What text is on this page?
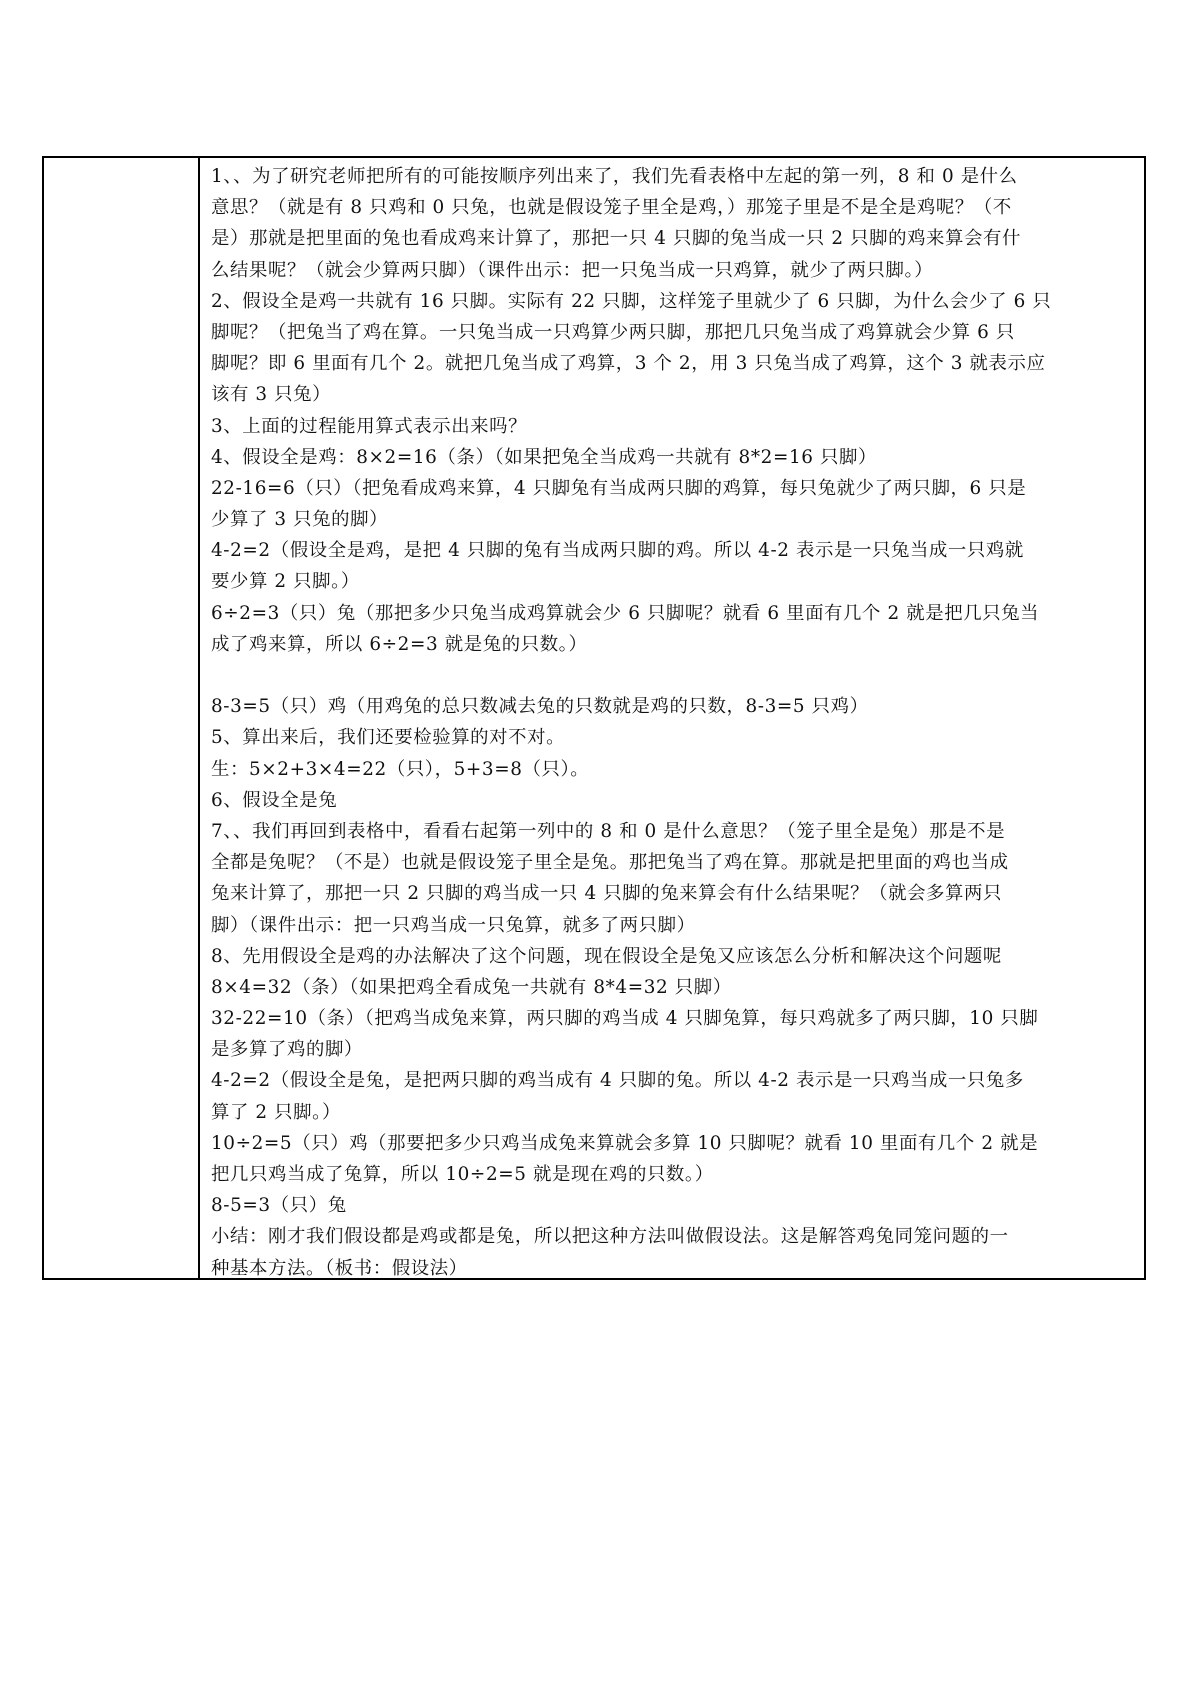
1、、为了研究老师把所有的可能按顺序列出来了，我们先看表格中左起的第一列，8 和 0 是什么
意思？（就是有 8 只鸡和 0 只兔，也就是假设笼子里全是鸡，）那笼子里是不是全是鸡呢？（不
是）那就是把里面的兔也看成鸡来计算了，那把一只 4 只脚的兔当成一只 2 只脚的鸡来算会有什
么结果呢？（就会少算两只脚）（课件出示：把一只兔当成一只鸡算，就少了两只脚。）
2、假设全是鸡一共就有 16 只脚。实际有 22 只脚，这样笼子里就少了 6 只脚，为什么会少了 6 只
脚呢？（把兔当了鸡在算。一只兔当成一只鸡算少两只脚，那把几只兔当成了鸡算就会少算 6 只
脚呢？即 6 里面有几个 2。就把几兔当成了鸡算，3 个 2，用 3 只兔当成了鸡算，这个 3 就表示应
该有 3 只兔）
3、上面的过程能用算式表示出来吗？
4、假设全是鸡：8×2=16（条）（如果把兔全当成鸡一共就有 8*2=16 只脚）
22-16=6（只）（把兔看成鸡来算，4 只脚兔有当成两只脚的鸡算，每只兔就少了两只脚，6 只是
少算了 3 只兔的脚）
4-2=2（假设全是鸡，是把 4 只脚的兔有当成两只脚的鸡。所以 4-2 表示是一只兔当成一只鸡就
要少算 2 只脚。）
6÷2=3（只）兔（那把多少只兔当成鸡算就会少 6 只脚呢？就看 6 里面有几个 2 就是把几只兔当
成了鸡来算，所以 6÷2=3 就是兔的只数。）
8-3=5（只）鸡（用鸡兔的总只数减去兔的只数就是鸡的只数，8-3=5 只鸡）
5、算出来后，我们还要检验算的对不对。
生：5×2+3×4=22（只），5+3=8（只）。
6、假设全是兔
7、、我们再回到表格中，看看右起第一列中的 8 和 0 是什么意思？（笼子里全是兔）那是不是
全都是兔呢？（不是）也就是假设笼子里全是兔。那把兔当了鸡在算。那就是把里面的鸡也当成
兔来计算了，那把一只 2 只脚的鸡当成一只 4 只脚的兔来算会有什么结果呢？（就会多算两只
脚）（课件出示：把一只鸡当成一只兔算，就多了两只脚）
8、先用假设全是鸡的办法解决了这个问题，现在假设全是兔又应该怎么分析和解决这个问题呢
8×4=32（条）（如果把鸡全看成兔一共就有 8*4=32 只脚）
32-22=10（条）（把鸡当成兔来算，两只脚的鸡当成 4 只脚兔算，每只鸡就多了两只脚，10 只脚
是多算了鸡的脚）
4-2=2（假设全是兔，是把两只脚的鸡当成有 4 只脚的兔。所以 4-2 表示是一只鸡当成一只兔多
算了 2 只脚。）
10÷2=5（只）鸡（那要把多少只鸡当成兔来算就会多算 10 只脚呢？就看 10 里面有几个 2 就是
把几只鸡当成了兔算，所以 10÷2=5 就是现在鸡的只数。）
8-5=3（只）兔
小结：刚才我们假设都是鸡或都是兔，所以把这种方法叫做假设法。这是解答鸡兔同笼问题的一
种基本方法。（板书：假设法）
